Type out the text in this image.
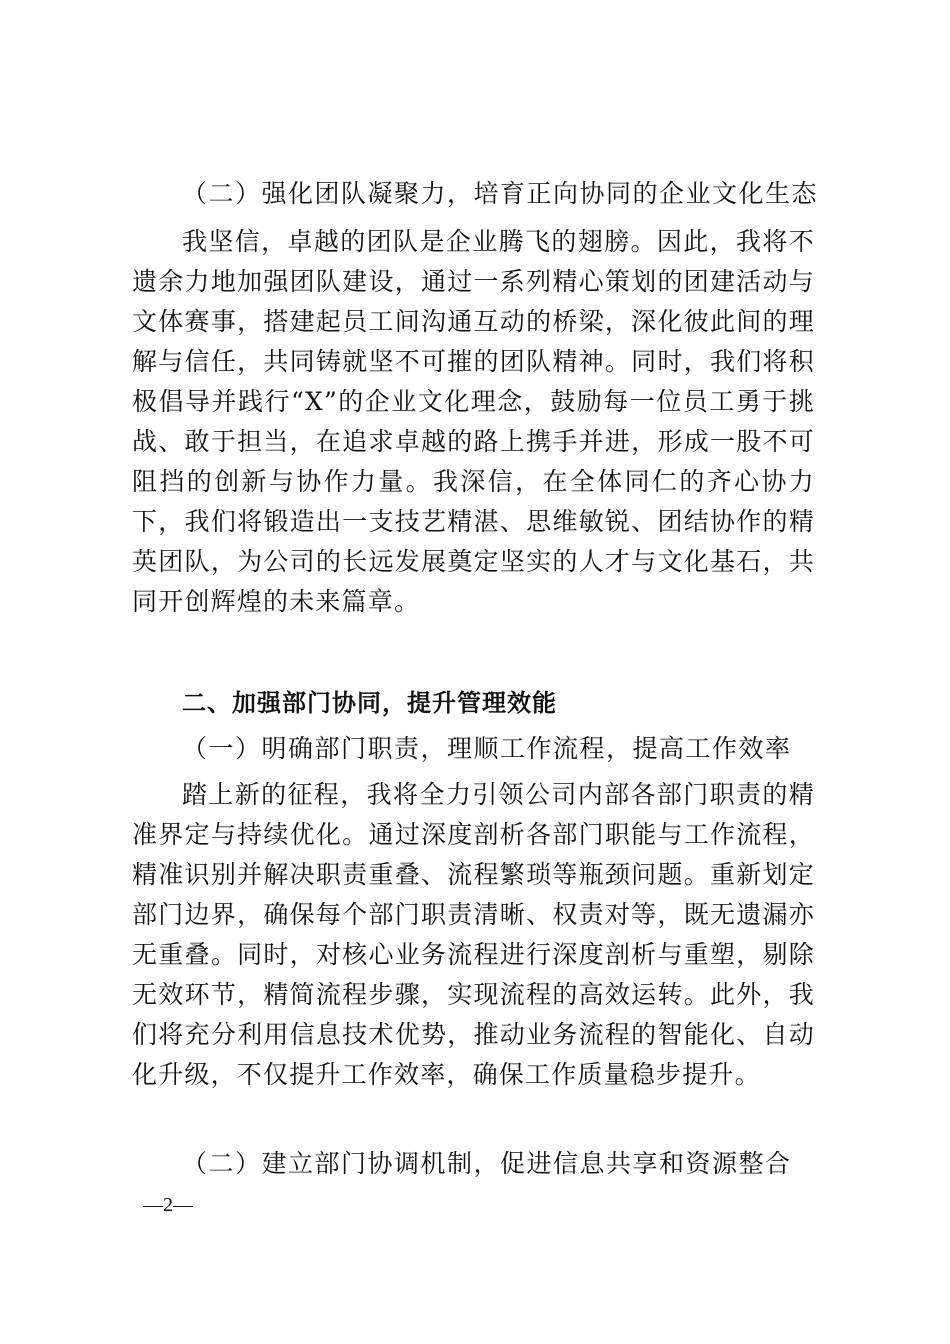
（二）强化团队凝聚力，培育正向协同的企业文化生态

我坚信，卓越的团队是企业腾飞的翅膀。因此，我将不遗余力地加强团队建设，通过一系列精心策划的团建活动与文体赛事，搭建起员工间沟通互动的桥梁，深化彼此间的理解与信任，共同铸就坚不可摧的团队精神。同时，我们将积极倡导并践行“X”的企业文化理念，鼓励每一位员工勇于挑战、敢于担当，在追求卓越的路上携手并进，形成一股不可阻挡的创新与协作力量。我深信，在全体同仁的齐心协力下，我们将锻造出一支技艺精湛、思维敏锐、团结协作的精英团队，为公司的长远发展奠定坚实的人才与文化基石，共同开创辉煌的未来篇章。

二、加强部门协同，提升管理效能

（一）明确部门职责，理顺工作流程，提高工作效率

踏上新的征程，我将全力引领公司内部各部门职责的精准界定与持续优化。通过深度剖析各部门职能与工作流程，精准识别并解决职责重叠、流程繁琐等瓶颈问题。重新划定部门边界，确保每个部门职责清晰、权责对等，既无遗漏亦无重叠。同时，对核心业务流程进行深度剖析与重塑，剔除无效环节，精简流程步骤，实现流程的高效运转。此外，我们将充分利用信息技术优势，推动业务流程的智能化、自动化升级，不仅提升工作效率，确保工作质量稳步提升。

（二）建立部门协调机制，促进信息共享和资源整合

—2—
